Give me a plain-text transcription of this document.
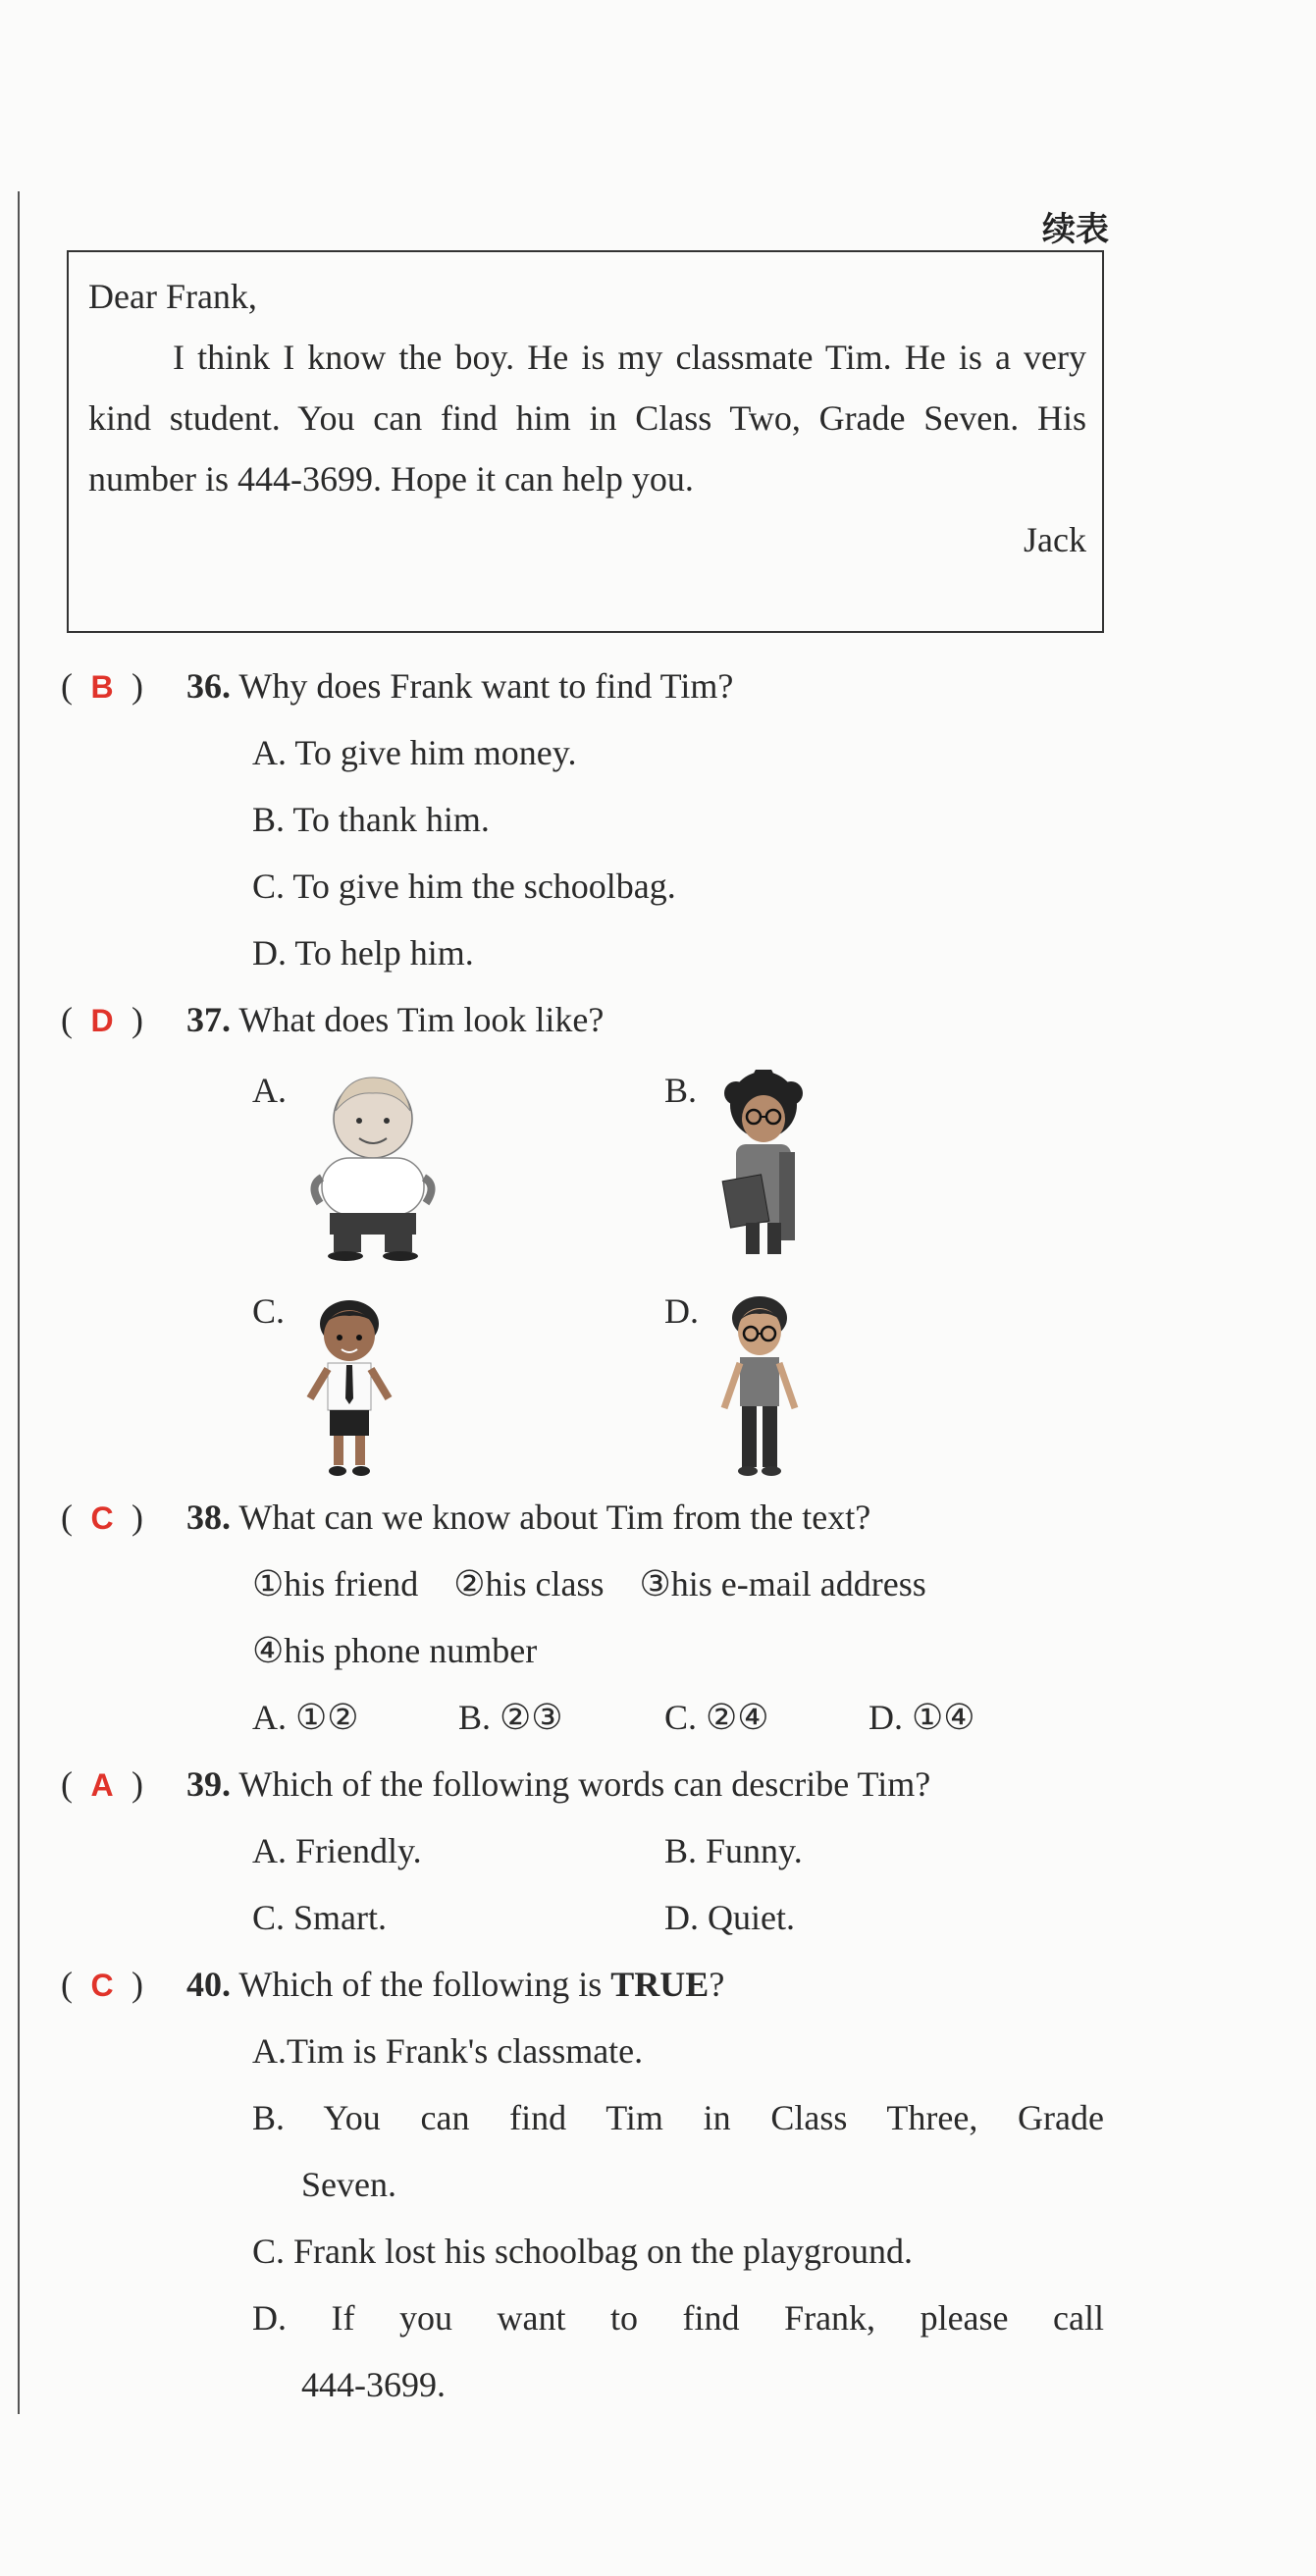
续表

Dear Frank,

I think I know the boy. He is my classmate Tim. He is a very kind student. You can find him in Class Two, Grade Seven. His number is 444-3699. Hope it can help you.

Jack

( B ) 36. Why does Frank want to find Tim?
A. To give him money.
B. To thank him.
C. To give him the schoolbag.
D. To help him.
( D ) 37. What does Tim look like?
A.	B.
C.	D.
( C ) 38. What can we know about Tim from the text?
①his friend    ②his class    ③his e-mail address
④his phone number
A. ①②	B. ②③	C. ②④	D. ①④
( A ) 39. Which of the following words can describe Tim?
A. Friendly.	B. Funny.
C. Smart.	D. Quiet.
( C ) 40. Which of the following is TRUE?
A.Tim is Frank's classmate.
B. You can find Tim in Class Three, Grade
Seven.
C. Frank lost his schoolbag on the playground.
D. If you want to find Frank, please call
444-3699.
